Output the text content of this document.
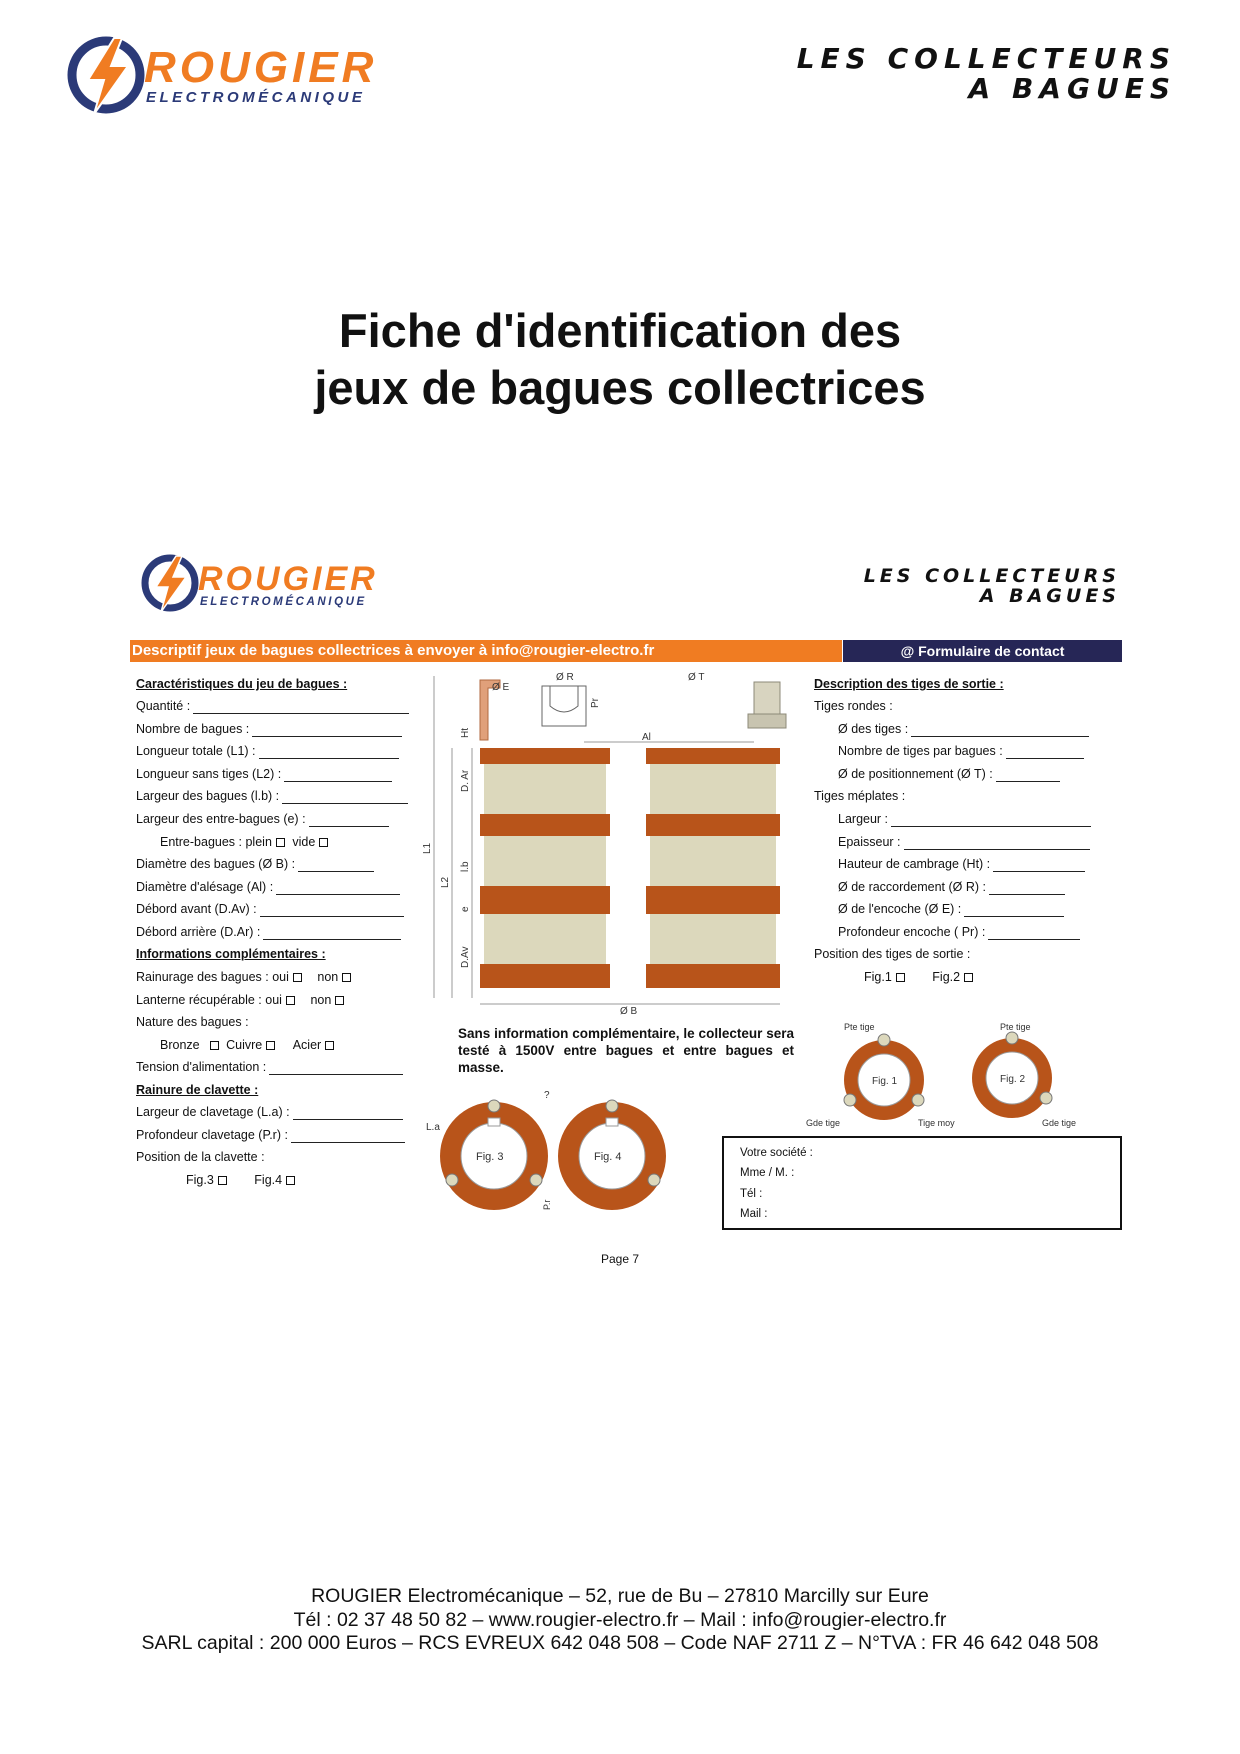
ROUGIER
ELECTROMÉCANIQUE
LES COLLECTEURS
A BAGUES
Fiche d'identification des
jeux de bagues collectrices
ROUGIER
ELECTROMÉCANIQUE
LES COLLECTEURS
A BAGUES
Descriptif jeux de bagues collectrices à envoyer à info@rougier-electro.fr	@ Formulaire de contact
Caractéristiques du jeu de bagues :
Quantité :
Nombre de bagues :
Longueur totale (L1) :
Longueur sans tiges (L2) :
Largeur des bagues (l.b) :
Largeur des entre-bagues (e) :
Entre-bagues : plein vide
Diamètre des bagues (Ø B) :
Diamètre d'alésage (Al) :
Débord avant (D.Av) :
Débord arrière (D.Ar) :
Informations complémentaires :
Rainurage des bagues : oui non
Lanterne récupérable : oui non
Nature des bagues :
Bronze Cuivre Acier
Tension d'alimentation :
Rainure de clavette :
Largeur de clavetage (L.a) :
Profondeur clavetage (P.r) :
Position de la clavette :
Fig.3	Fig.4
Description des tiges de sortie :
Tiges rondes :
Ø des tiges :
Nombre de tiges par bagues :
Ø de positionnement (Ø T) :
Tiges méplates :
Largeur :
Epaisseur :
Hauteur de cambrage (Ht) :
Ø de raccordement (Ø R) :
Ø de l'encoche (Ø E) :
Profondeur encoche ( Pr) :
Position des tiges de sortie :
Fig.1	Fig.2
L1
L2
Ht
D. Ar
l.b
e
D.Av
Ø E
Ø R	Ø T
Pr
Al
Ø B
Sans information complémentaire, le collecteur sera testé à 1500V entre bagues et entre bagues et masse.
Fig. 1
Pte tige
Gde tige	Tige moy
Fig. 2
Pte tige
Gde tige
Fig. 3
L.a
Fig. 4
?
P.r
Votre société :
Mme / M. :
Tél :
Mail :
Page 7
ROUGIER Electromécanique – 52, rue de Bu – 27810 Marcilly sur Eure
Tél : 02 37 48 50 82 – www.rougier-electro.fr – Mail : info@rougier-electro.fr
SARL capital : 200 000 Euros – RCS EVREUX 642 048 508 – Code NAF 2711 Z – N°TVA : FR 46 642 048 508
